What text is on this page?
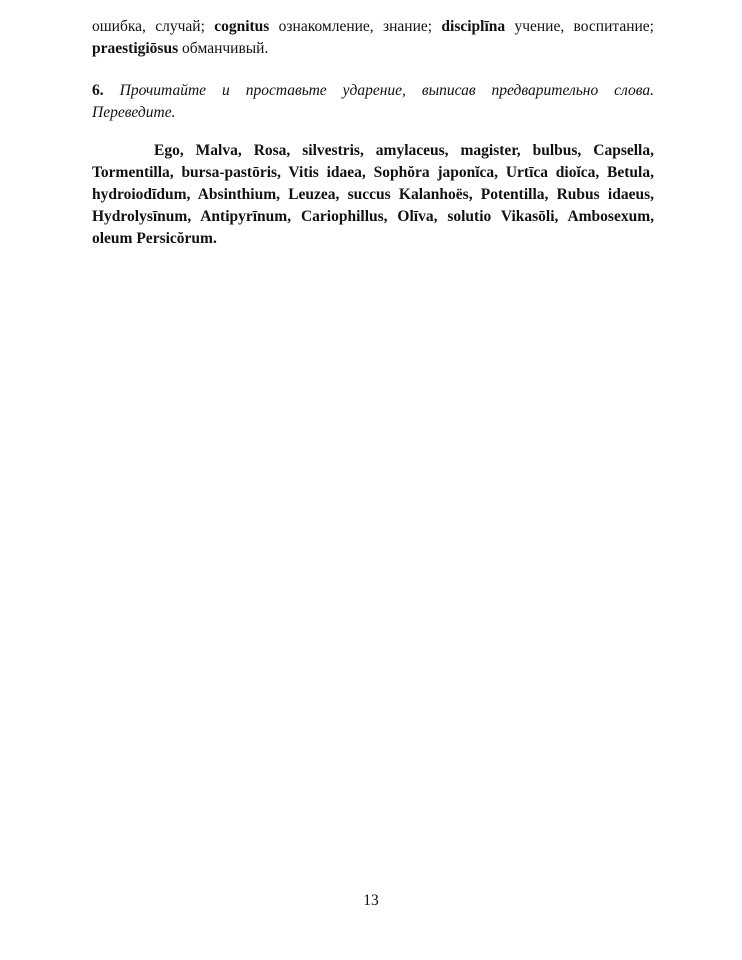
ошибка, случай; cognitus ознакомление, знание; disciplīna учение, воспитание; praestigiōsus обманчивый.

6. Прочитайте и проставьте ударение, выписав предварительно слова. Переведите.

Ego, Malva, Rosa, silvestris, amylaceus, magister, bulbus, Capsella, Tormentilla, bursa-pastōris, Vitis idaea, Sophŏra japonĭca, Urtīca dioĭca, Betula, hydroiodīdum, Absinthium, Leuzea, succus Kalanhoёs, Potentilla, Rubus idaeus, Hydrolysīnum, Antipyrīnum, Cariophillus, Olīva, solutio Vikasōli, Ambosexum, oleum Persicŏrum.

13
